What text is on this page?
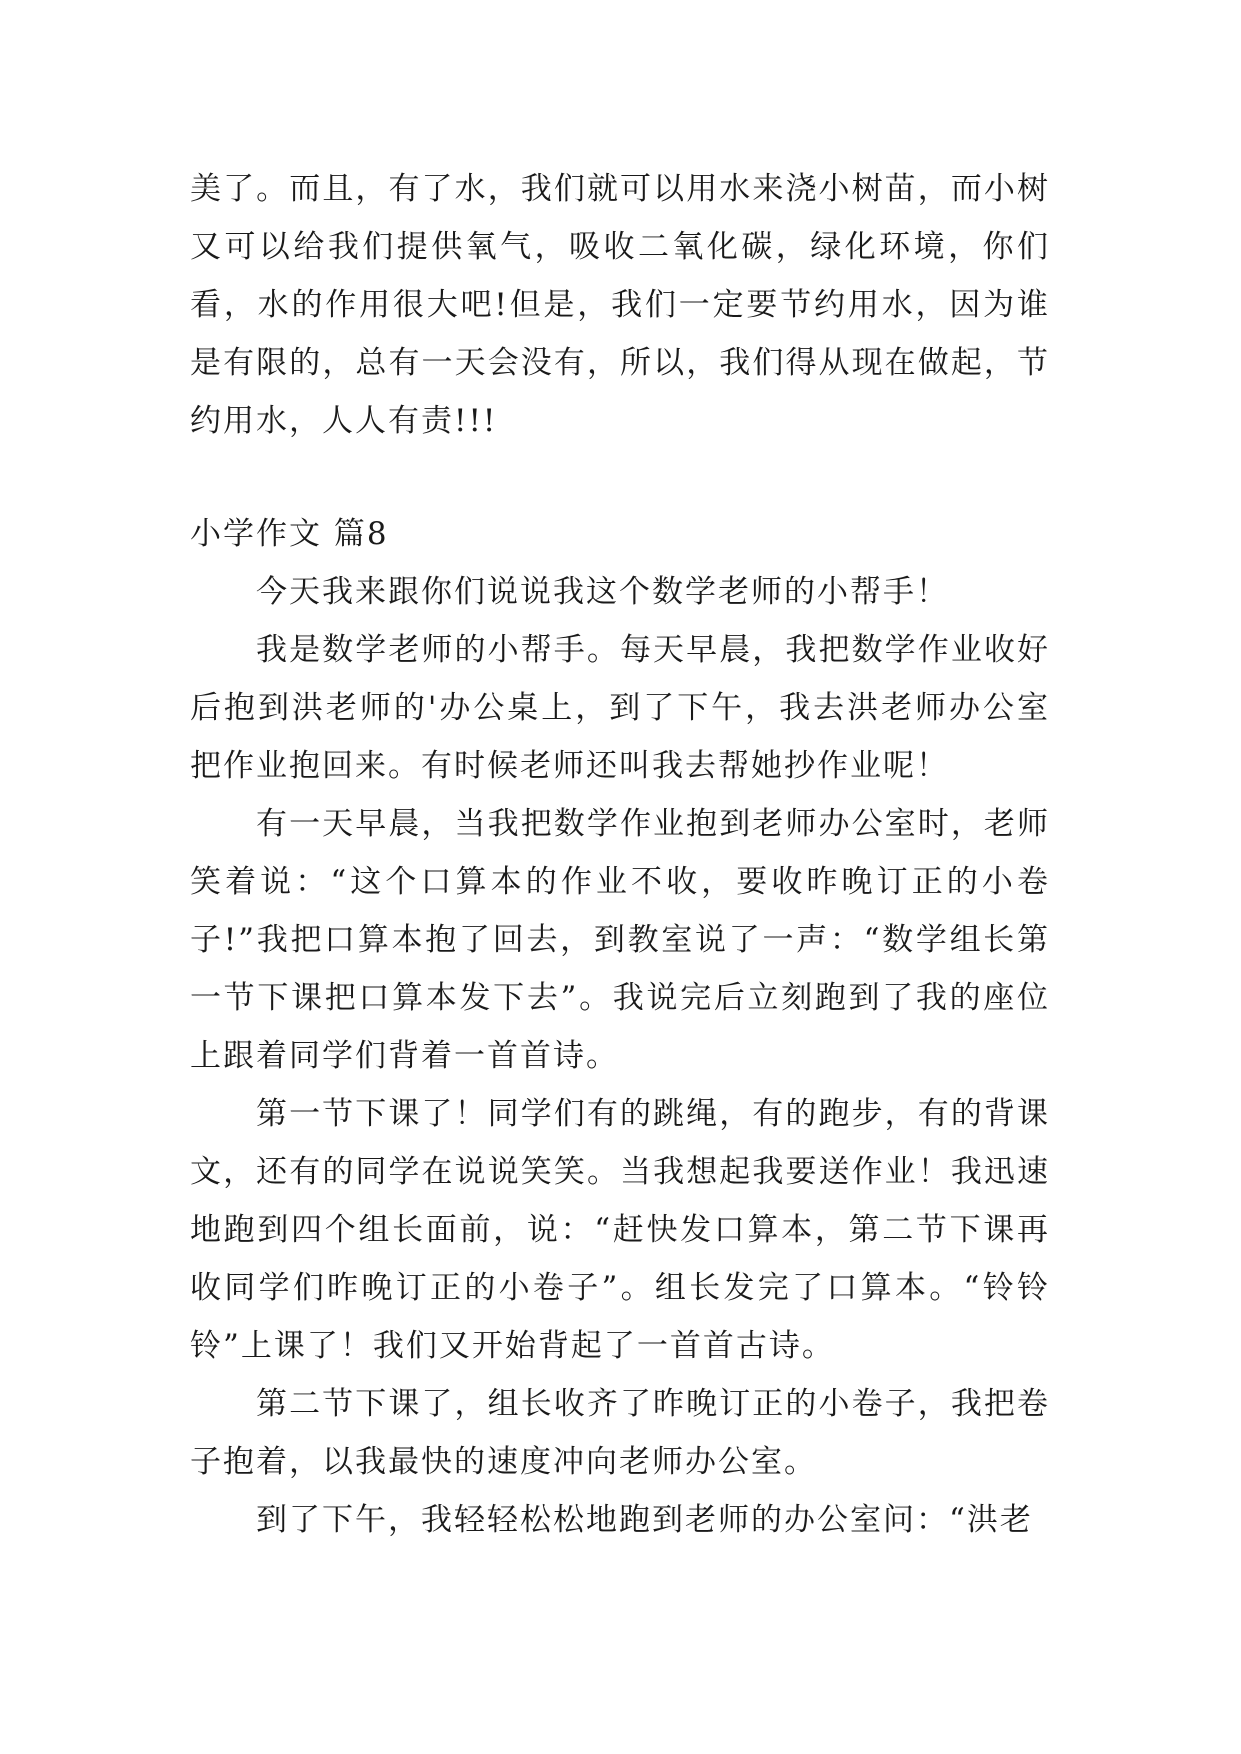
美了。而且，有了水，我们就可以用水来浇小树苗，而小树又可以给我们提供氧气，吸收二氧化碳，绿化环境，你们看，水的作用很大吧!但是，我们一定要节约用水，因为谁是有限的，总有一天会没有，所以，我们得从现在做起，节约用水，人人有责!!!

小学作文 篇8

今天我来跟你们说说我这个数学老师的小帮手！

我是数学老师的小帮手。每天早晨，我把数学作业收好后抱到洪老师的'办公桌上，到了下午，我去洪老师办公室把作业抱回来。有时候老师还叫我去帮她抄作业呢！

有一天早晨，当我把数学作业抱到老师办公室时，老师笑着说：“这个口算本的作业不收，要收昨晚订正的小卷子!”我把口算本抱了回去，到教室说了一声：“数学组长第一节下课把口算本发下去”。我说完后立刻跑到了我的座位上跟着同学们背着一首首诗。

第一节下课了！同学们有的跳绳，有的跑步，有的背课文，还有的同学在说说笑笑。当我想起我要送作业！我迅速地跑到四个组长面前，说：“赶快发口算本，第二节下课再收同学们昨晚订正的小卷子”。组长发完了口算本。“铃铃铃”上课了！我们又开始背起了一首首古诗。

第二节下课了，组长收齐了昨晚订正的小卷子，我把卷子抱着，以我最快的速度冲向老师办公室。

到了下午，我轻轻松松地跑到老师的办公室问：“洪老
